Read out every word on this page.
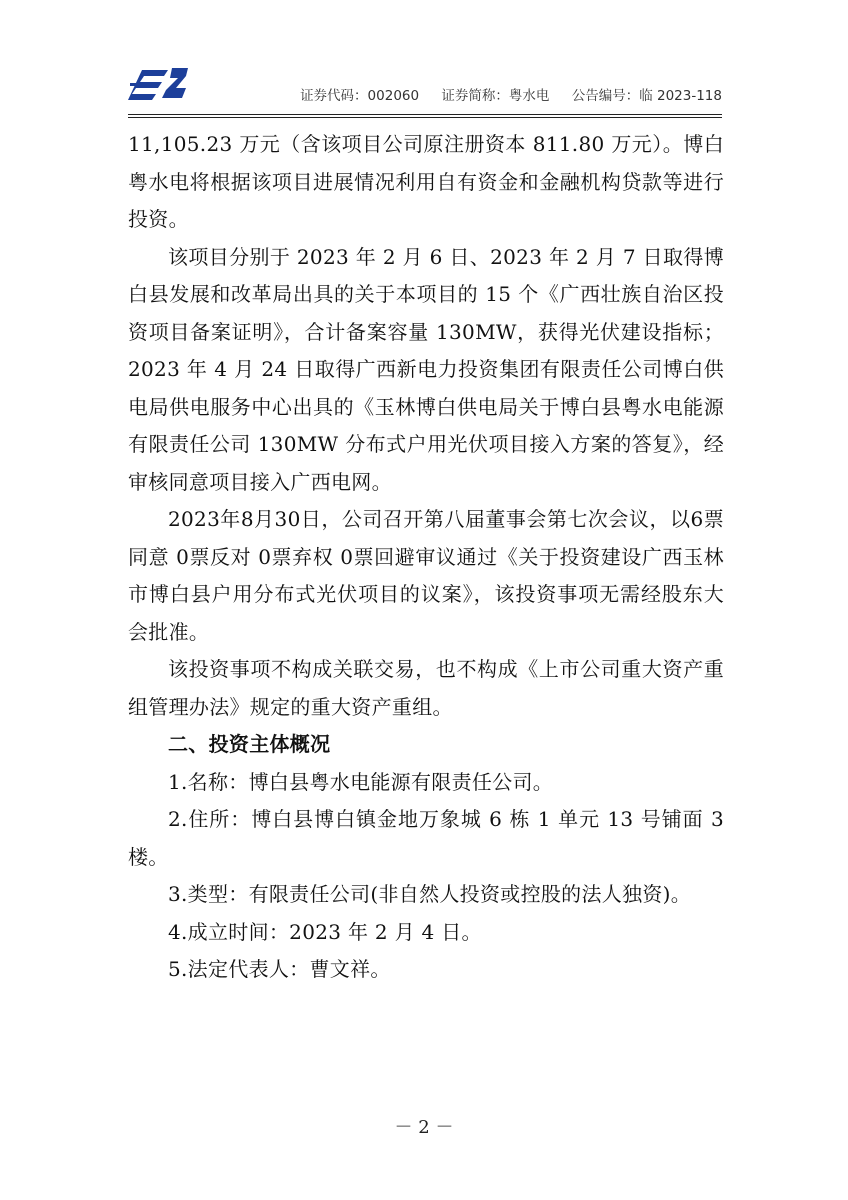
证券代码：002060 证券简称：粤水电 公告编号：临 2023-118

11,105.23 万元（含该项目公司原注册资本 811.80 万元）。博白粤水电将根据该项目进展情况利用自有资金和金融机构贷款等进行投资。

该项目分别于 2023 年 2 月 6 日、2023 年 2 月 7 日取得博白县发展和改革局出具的关于本项目的 15 个《广西壮族自治区投资项目备案证明》，合计备案容量 130MW，获得光伏建设指标；2023 年 4 月 24 日取得广西新电力投资集团有限责任公司博白供电局供电服务中心出具的《玉林博白供电局关于博白县粤水电能源有限责任公司 130MW 分布式户用光伏项目接入方案的答复》，经审核同意项目接入广西电网。

2023年8月30日，公司召开第八届董事会第七次会议，以6票同意 0票反对 0票弃权 0票回避审议通过《关于投资建设广西玉林市博白县户用分布式光伏项目的议案》，该投资事项无需经股东大会批准。

该投资事项不构成关联交易，也不构成《上市公司重大资产重组管理办法》规定的重大资产重组。

二、投资主体概况

1.名称：博白县粤水电能源有限责任公司。

2.住所：博白县博白镇金地万象城 6 栋 1 单元 13 号铺面 3 楼。

3.类型：有限责任公司(非自然人投资或控股的法人独资)。

4.成立时间：2023 年 2 月 4 日。

5.法定代表人：曹文祥。

－ 2 －
